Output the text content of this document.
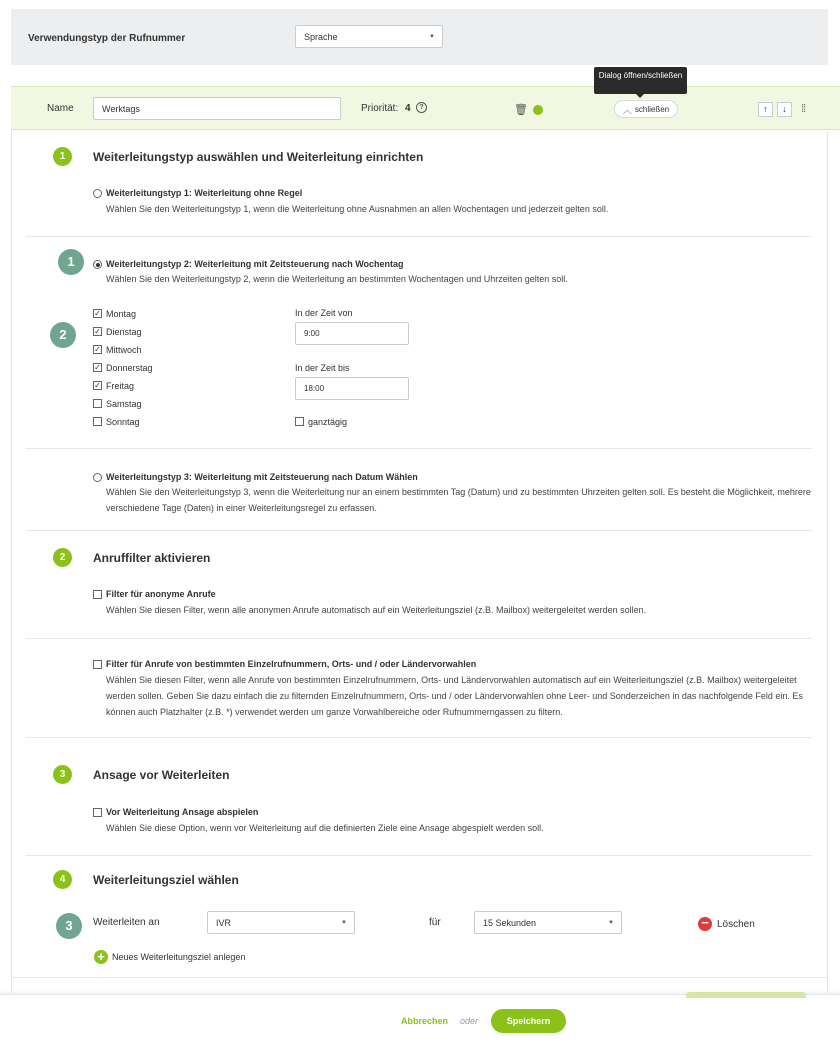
Verwendungstyp der Rufnummer	Sprache	▼
Dialog öffnen/schließen
Name	Werktags	Priorität: 4	?	🗑	︿ schließen	↑	↓	⁞⁞
1	Weiterleitungstyp auswählen und Weiterleitung einrichten
Weiterleitungstyp 1: Weiterleitung ohne Regel
Wählen Sie den Weiterleitungstyp 1, wenn die Weiterleitung ohne Ausnahmen an allen Wochentagen und jederzeit gelten soll.
1	Weiterleitungstyp 2: Weiterleitung mit Zeitsteuerung nach Wochentag
Wählen Sie den Weiterleitungstyp 2, wenn die Weiterleitung an bestimmten Wochentagen und Uhrzeiten gelten soll.
2
✓ Montag
✓ Dienstag
✓ Mittwoch
✓ Donnerstag
✓ Freitag
Samstag
Sonntag
In der Zeit von
9:00
In der Zeit bis
18:00
ganztägig
Weiterleitungstyp 3: Weiterleitung mit Zeitsteuerung nach Datum Wählen
Wählen Sie den Weiterleitungstyp 3, wenn die Weiterleitung nur an einem bestimmten Tag (Datum) und zu bestimmten Uhrzeiten gelten soll. Es besteht die Möglichkeit, mehrere verschiedene Tage (Daten) in einer Weiterleitungsregel zu erfassen.
2	Anruffilter aktivieren
Filter für anonyme Anrufe
Wählen Sie diesen Filter, wenn alle anonymen Anrufe automatisch auf ein Weiterleitungsziel (z.B. Mailbox) weitergeleitet werden sollen.
Filter für Anrufe von bestimmten Einzelrufnummern, Orts- und / oder Ländervorwahlen
Wählen Sie diesen Filter, wenn alle Anrufe von bestimmten Einzelrufnummern, Orts- und Ländervorwahlen automatisch auf ein Weiterleitungsziel (z.B. Mailbox) weitergeleitet werden sollen. Geben Sie dazu einfach die zu filternden Einzelrufnummern, Orts- und / oder Ländervorwahlen ohne Leer- und Sonderzeichen in das nachfolgende Feld ein. Es können auch Platzhalter (z.B. *) verwendet werden um ganze Vorwahlbereiche oder Rufnummerngassen zu filtern.
3	Ansage vor Weiterleiten
Vor Weiterleitung Ansage abspielen
Wählen Sie diese Option, wenn vor Weiterleitung auf die definierten Ziele eine Ansage abgespielt werden soll.
4	Weiterleitungsziel wählen
3	Weiterleiten an	IVR	▼	für	15 Sekunden	▼	− Löschen
+ Neues Weiterleitungsziel anlegen
Abbrechen oder	Speichern
